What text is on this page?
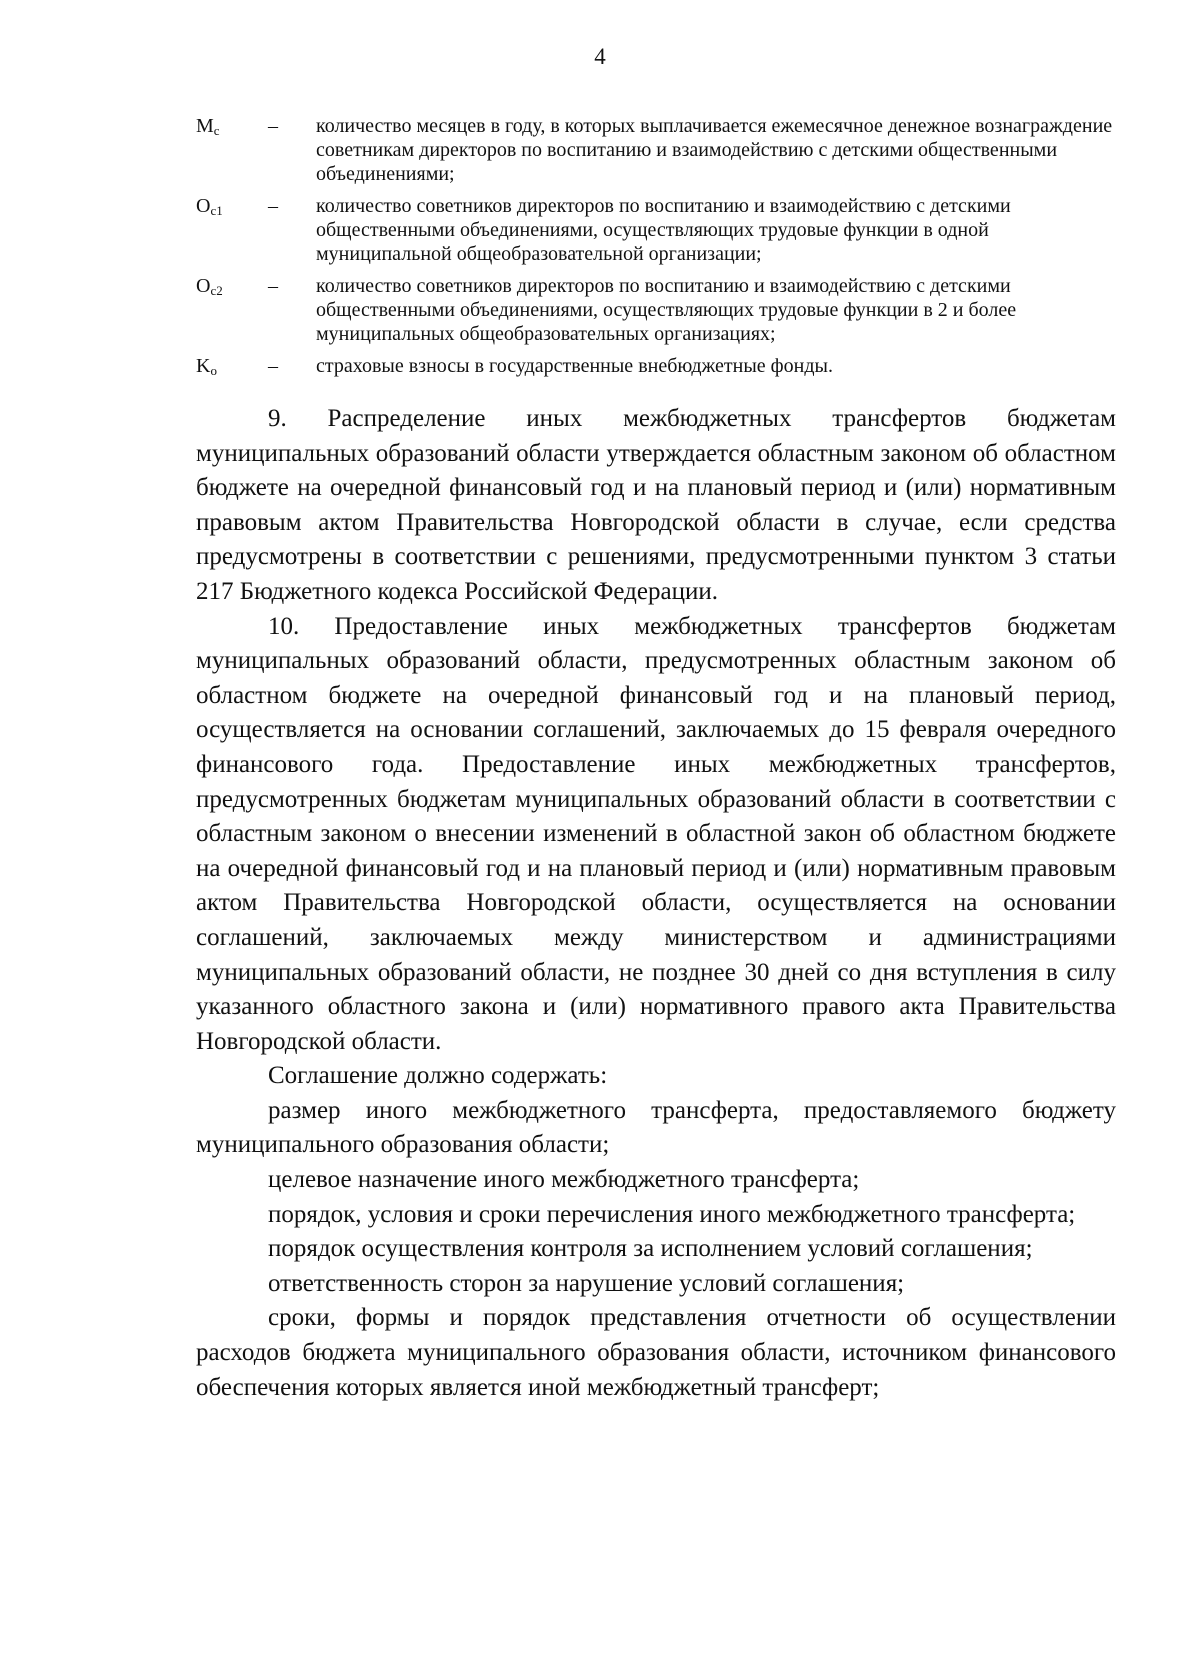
4
$M_c$ – количество месяцев в году, в которых выплачивается ежемесячное денежное вознаграждение советникам директоров по воспитанию и взаимодействию с детскими общественными объединениями;
$O_{c1}$ – количество советников директоров по воспитанию и взаимодействию с детскими общественными объединениями, осуществляющих трудовые функции в одной муниципальной общеобразовательной организации;
$O_{c2}$ – количество советников директоров по воспитанию и взаимодействию с детскими общественными объединениями, осуществляющих трудовые функции в 2 и более муниципальных общеобразовательных организациях;
$K_o$	– страховые взносы в государственные внебюджетные фонды.

9. Распределение иных межбюджетных трансфертов бюджетам муниципальных образований области утверждается областным законом об областном бюджете на очередной финансовый год и на плановый период и (или) нормативным правовым актом Правительства Новгородской области в случае, если средства предусмотрены в соответствии с решениями, предусмотренными пунктом 3 статьи 217 Бюджетного кодекса Российской Федерации.

10. Предоставление иных межбюджетных трансфертов бюджетам муниципальных образований области, предусмотренных областным законом об областном бюджете на очередной финансовый год и на плановый период, осуществляется на основании соглашений, заключаемых до 15 февраля очередного финансового года. Предоставление иных межбюджетных трансфертов, предусмотренных бюджетам муниципальных образований области в соответствии с областным законом о внесении изменений в областной закон об областном бюджете на очередной финансовый год и на плановый период и (или) нормативным правовым актом Правительства Новгородской области, осуществляется на основании соглашений, заключаемых между министерством и администрациями муниципальных образований области, не позднее 30 дней со дня вступления в силу указанного областного закона и (или) нормативного правого акта Правительства Новгородской области.

Соглашение должно содержать:

размер иного межбюджетного трансферта, предоставляемого бюджету муниципального образования области;

целевое назначение иного межбюджетного трансферта;

порядок, условия и сроки перечисления иного межбюджетного трансферта;

порядок осуществления контроля за исполнением условий соглашения;

ответственность сторон за нарушение условий соглашения;

сроки, формы и порядок представления отчетности об осуществлении расходов бюджета муниципального образования области, источником финансового обеспечения которых является иной межбюджетный трансферт;
